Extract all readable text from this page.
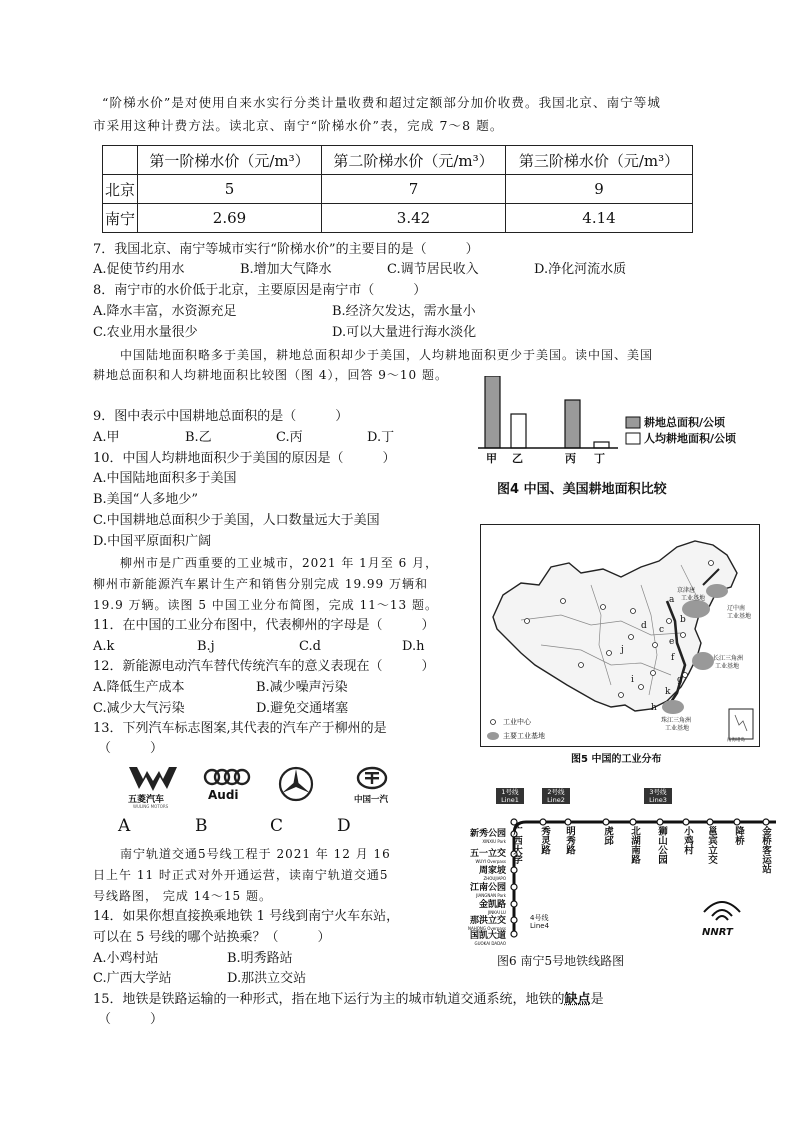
“阶梯水价”是对使用自来水实行分类计量收费和超过定额部分加价收费。我国北京、南宁等城
市采用这种计费方法。读北京、南宁“阶梯水价”表，完成 7～8 题。
	第一阶梯水价（元/m³）	第二阶梯水价（元/m³）	第三阶梯水价（元/m³）
北京	5	7	9
南宁	2.69	3.42	4.14
7．我国北京、南宁等城市实行“阶梯水价”的主要目的是（　　　）
A.促使节约用水	B.增加大气降水	C.调节居民收入	D.净化河流水质
8．南宁市的水价低于北京，主要原因是南宁市（　　　）
A.降水丰富，水资源充足	B.经济欠发达，需水量小
C.农业用水量很少	D.可以大量进行海水淡化
中国陆地面积略多于美国，耕地总面积却少于美国，人均耕地面积更少于美国。读中国、美国
耕地总面积和人均耕地面积比较图（图 4），回答 9～10 题。
耕地总面积/公顷
人均耕地面积/公顷
甲 乙	丙 丁
图4 中国、美国耕地面积比较
9．图中表示中国耕地总面积的是（　　　）
A.甲	B.乙	C.丙	D.丁
10．中国人均耕地面积少于美国的原因是（　　　）
A.中国陆地面积多于美国
B.美国“人多地少”
C.中国耕地总面积少于美国，人口数量远大于美国
D.中国平原面积广阔
柳州市是广西重要的工业城市，2021 年 1月至 6 月，
柳州市新能源汽车累计生产和销售分别完成 19.99 万辆和
19.9 万辆。读图 5 中国工业分布简图，完成 11～13 题。
11．在中国的工业分布图中，代表柳州的字母是（　　　）
A.k	B.j	C.d	D.h
12．新能源电动汽车替代传统汽车的意义表现在（　　　）
A.降低生产成本	B.减少噪声污染
C.减少大气污染	D.避免交通堵塞
13．下列汽车标志图案,其代表的汽车产于柳州的是
（　　　）
五菱汽车
WULING MOTORS
Audi	中国一汽
A	B	C	D
南宁轨道交通5号线工程于 2021 年 12 月 16
日上午 11 时正式对外开通运营，读南宁轨道交通5
号线路图， 完成 14～15 题。
14．如果你想直接换乘地铁 1 号线到南宁火车东站，
可以在 5 号线的哪个站换乘？（　　　）
A.小鸡村站	B.明秀路站
C.广西大学站	D.那洪立交站
15．地铁是铁路运输的一种形式，指在地下运行为主的城市轨道交通系统，地铁的缺点是
（　　　）
a
b
c
d
e
f
g
h
i
j
k
京津唐
工业基地
辽中南
工业基地
长江三角洲
工业基地
珠江三角洲
工业基地
南海诸岛
工业中心
主要工业基地
图5 中国的工业分布
1号线
Line1
2号线
Line2
3号线
Line3
4号线
Line4
广西大学 秀灵路 明秀路	虎邱 北湖南路 狮山公园 小鸡村 邕宾立交 降桥 金桥客运站
新秀公园
XINXIU Park
五一立交
WUYI Overpass
周家坡
ZHOUJIAPO
江南公园
JIANGNAN Park
金凯路
JINKAI LU
那洪立交
NAHONG Overpass
国凯大道
GUOKAI DADAO
NNRT
图6 南宁5号地铁线路图
